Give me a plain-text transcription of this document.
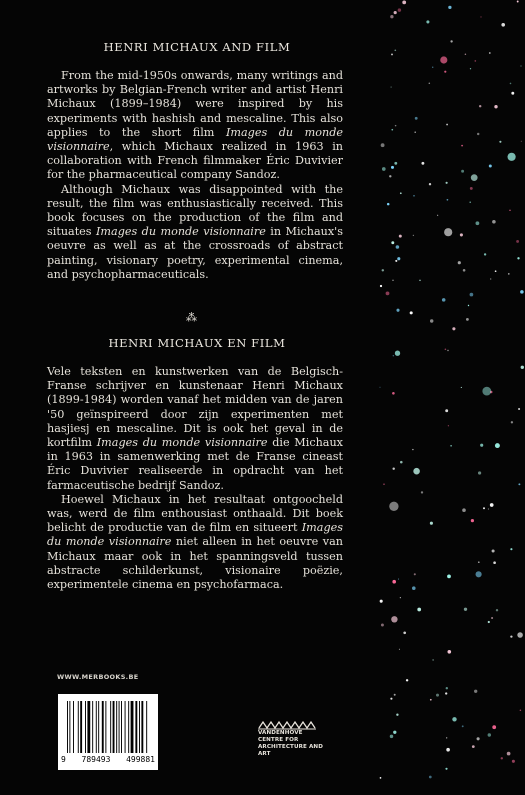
HENRI MICHAUX AND FILM
From the mid-1950s onwards, many writings and artworks by Belgian-French writer and artist Henri Michaux (1899–1984) were inspired by his experiments with hashish and mescaline. This also applies to the short film Images du monde visionnaire, which Michaux realized in 1963 in collaboration with French filmmaker Éric Duvivier for the pharmaceutical company Sandoz.
Although Michaux was disappointed with the result, the film was enthusiastically received. This book focuses on the production of the film and situates Images du monde visionnaire in Michaux's oeuvre as well as at the crossroads of abstract painting, visionary poetry, experimental cinema, and psychopharmaceuticals.
⁂
HENRI MICHAUX EN FILM
Vele teksten en kunstwerken van de Belgisch-Franse schrijver en kunstenaar Henri Michaux (1899-1984) worden vanaf het midden van de jaren '50 geïnspireerd door zijn experimenten met hasjiesj en mescaline. Dit is ook het geval in de kortfilm Images du monde visionnaire die Michaux in 1963 in samenwerking met de Franse cineast Éric Duvivier realiseerde in opdracht van het farmaceutische bedrijf Sandoz.
Hoewel Michaux in het resultaat ontgoocheld was, werd de film enthousiast onthaald. Dit boek belicht de productie van de film en situeert Images du monde visionnaire niet alleen in het oeuvre van Michaux maar ook in het spanningsveld tussen abstracte schilderkunst, visionaire poëzie, experimentele cinema en psychofarmaca.
WWW.MERBOOKS.BE
9 789493 499881
VANDENHOVE
CENTRE FOR
ARCHITECTURE AND ART
